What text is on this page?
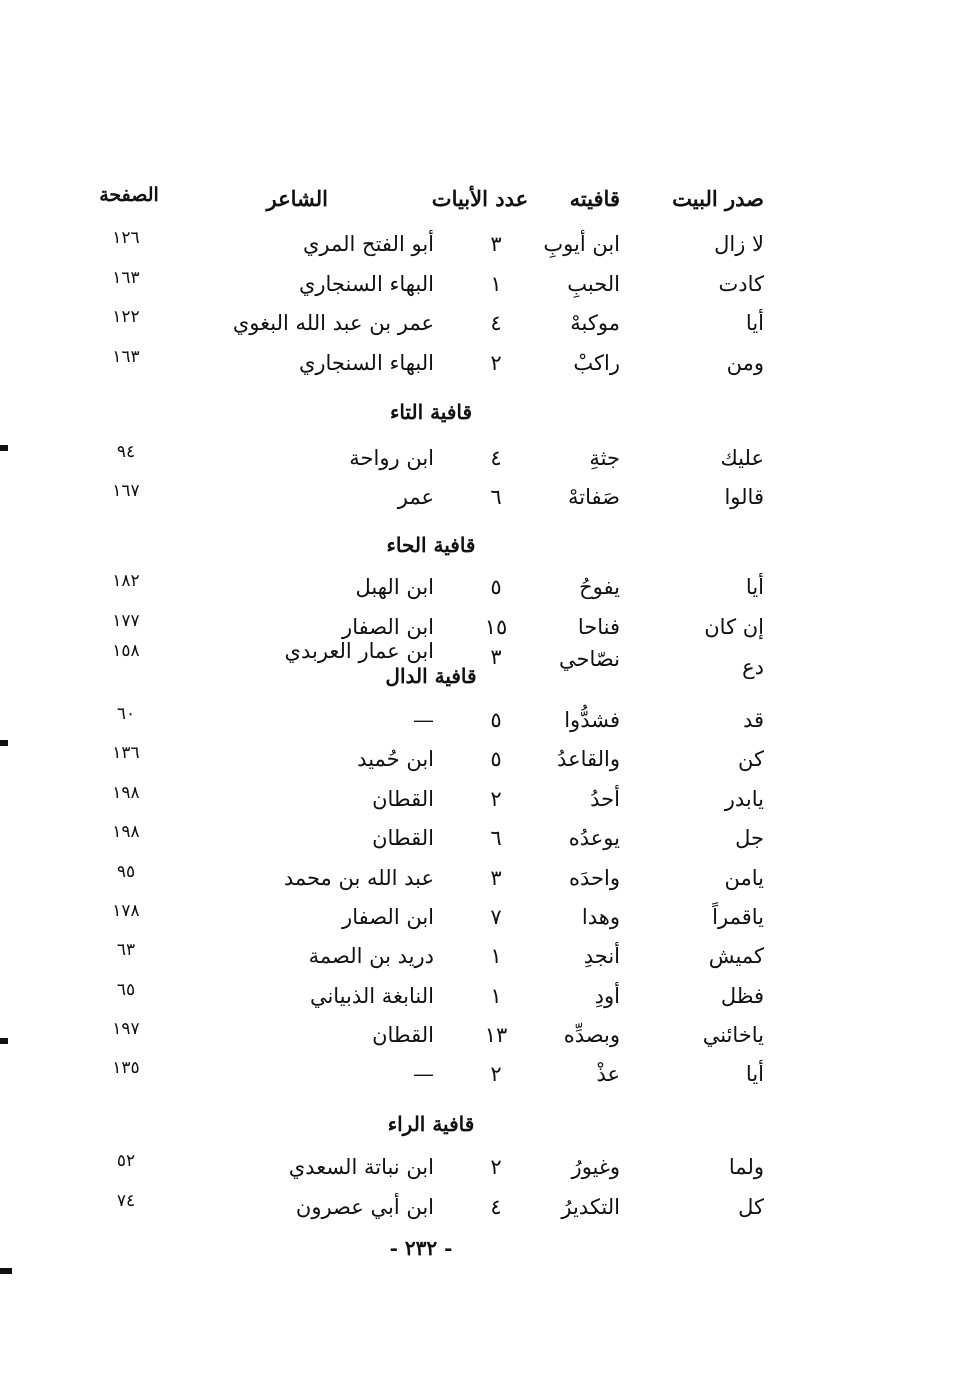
صدر البيت
قافيته
عدد الأبيات
الشاعر
الصفحة
لا زال
ابن أيوبِ
٣
أبو الفتح المري
١٢٦
كادت
الحببِ
١
البهاء السنجاري
١٦٣
أيا
موكبهْ
٤
عمر بن عبد الله البغوي
١٢٢
ومن
راكبْ
٢
البهاء السنجاري
١٦٣
قافية التاء
عليك
جثةِ
٤
ابن رواحة
٩٤
قالوا
صَفاتهْ
٦
عمر
١٦٧
قافية الحاء
أيا
يفوحُ
٥
ابن الهبل
١٨٢
إن كان
فناحا
١٥
ابن الصفار
١٧٧
دع
نصّاحي
٣
ابن عمار العربدي
١٥٨
قافية الدال
قد
فشدُّوا
٥
—
٦٠
كن
والقاعدُ
٥
ابن حُميد
١٣٦
يابدر
أحدُ
٢
القطان
١٩٨
جل
يوعدُه
٦
القطان
١٩٨
يامن
واحدَه
٣
عبد الله بن محمد
٩٥
ياقمراً
وهدا
٧
ابن الصفار
١٧٨
كميش
أنجدِ
١
دريد بن الصمة
٦٣
فظل
أودِ
١
النابغة الذبياني
٦٥
ياخائني
وبصدِّه
١٣
القطان
١٩٧
أيا
عذْ
٢
—
١٣٥
قافية الراء
ولما
وغيورُ
٢
ابن نباتة السعدي
٥٢
كل
التكديرُ
٤
ابن أبي عصرون
٧٤
- ٢٣٢ -
